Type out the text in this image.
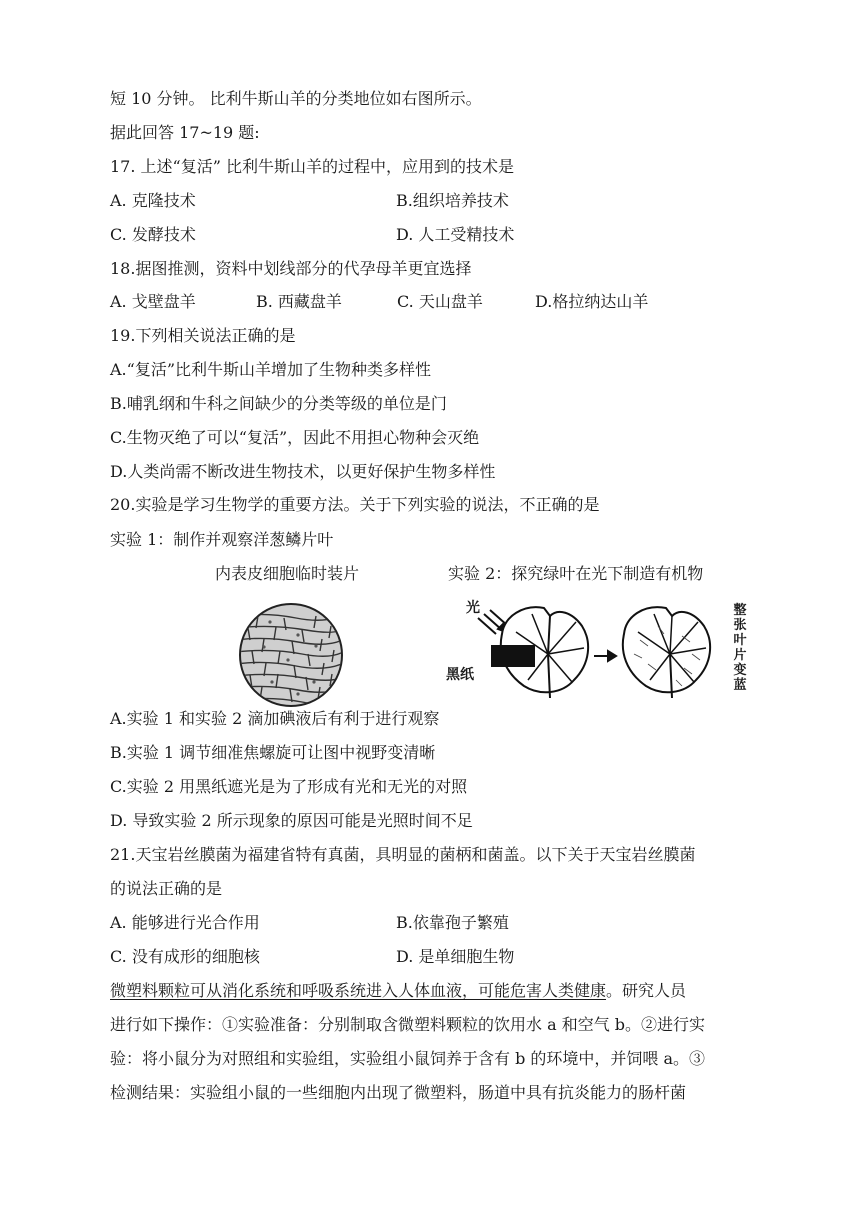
短 10 分钟。 比利牛斯山羊的分类地位如右图所示。
据此回答 17~19 题:
17. 上述“复活” 比利牛斯山羊的过程中，应用到的技术是
A. 克隆技术	B.组织培养技术
C. 发酵技术	D. 人工受精技术
18.据图推测，资料中划线部分的代孕母羊更宜选择
A. 戈壁盘羊	B. 西藏盘羊	C. 天山盘羊	D.格拉纳达山羊
19.下列相关说法正确的是
A.“复活”比利牛斯山羊增加了生物种类多样性
B.哺乳纲和牛科之间缺少的分类等级的单位是门
C.生物灭绝了可以“复活”，因此不用担心物种会灭绝
D.人类尚需不断改进生物技术，以更好保护生物多样性
20.实验是学习生物学的重要方法。关于下列实验的说法，不正确的是
实验 1：制作并观察洋葱鳞片叶
内表皮细胞临时装片	实验 2：探究绿叶在光下制造有机物
光
黑纸
整
张
叶
片
变
蓝
A.实验 1 和实验 2 滴加碘液后有利于进行观察
B.实验 1 调节细准焦螺旋可让图中视野变清晰
C.实验 2 用黑纸遮光是为了形成有光和无光的对照
D. 导致实验 2 所示现象的原因可能是光照时间不足
21.天宝岩丝膜菌为福建省特有真菌，具明显的菌柄和菌盖。以下关于天宝岩丝膜菌
的说法正确的是
A. 能够进行光合作用	B.依靠孢子繁殖
C. 没有成形的细胞核	D. 是单细胞生物
微塑料颗粒可从消化系统和呼吸系统进入人体血液，可能危害人类健康。研究人员
进行如下操作：①实验准备：分别制取含微塑料颗粒的饮用水 a 和空气 b。②进行实
验：将小鼠分为对照组和实验组，实验组小鼠饲养于含有 b 的环境中，并饲喂 a。③
检测结果：实验组小鼠的一些细胞内出现了微塑料，肠道中具有抗炎能力的肠杆菌
